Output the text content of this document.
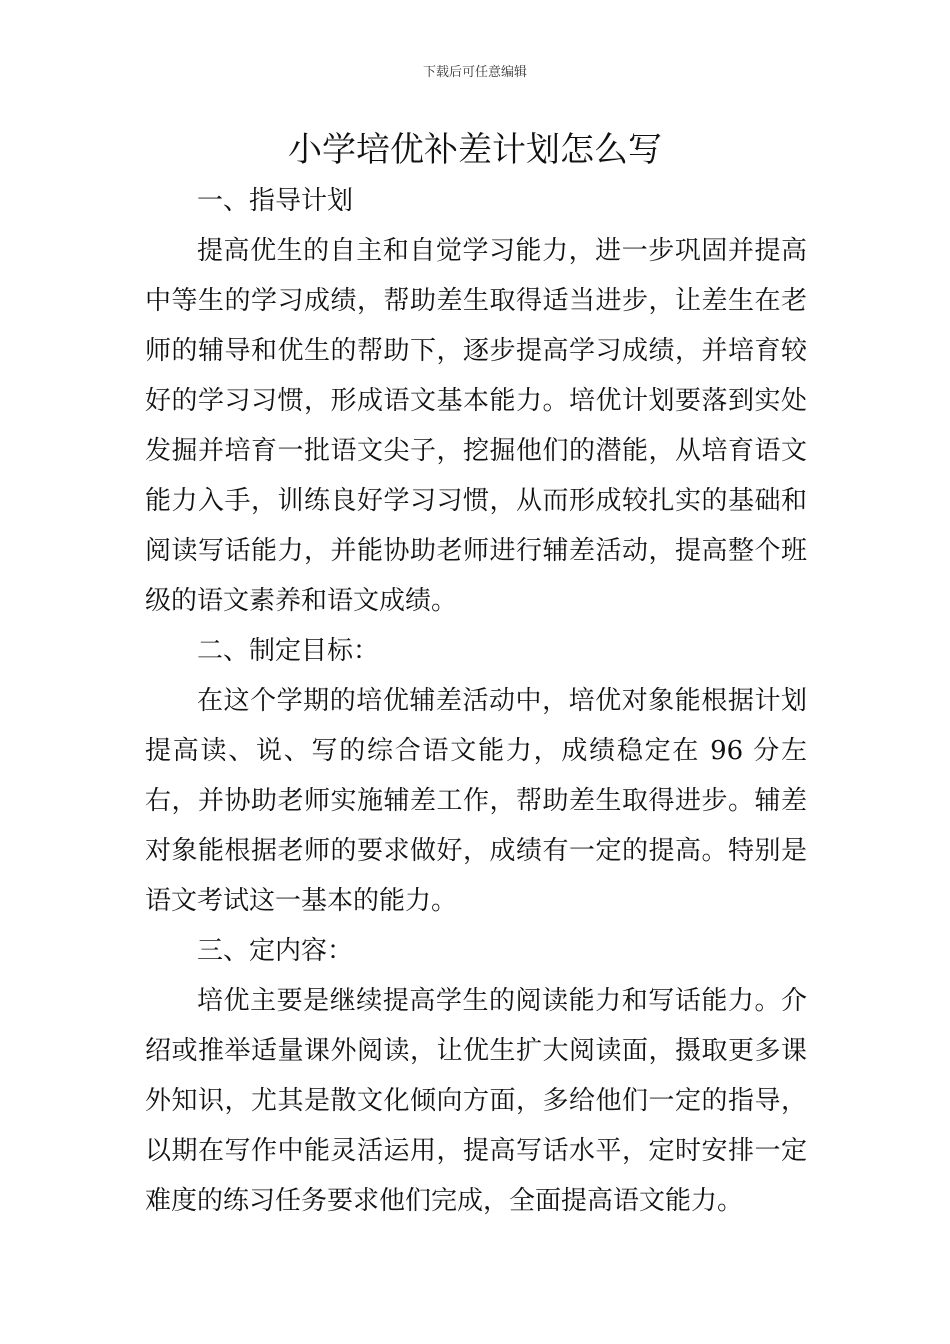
下载后可任意编辑
小学培优补差计划怎么写

一、指导计划

提高优生的自主和自觉学习能力，进一步巩固并提高中等生的学习成绩，帮助差生取得适当进步，让差生在老师的辅导和优生的帮助下，逐步提高学习成绩，并培育较好的学习习惯，形成语文基本能力。培优计划要落到实处发掘并培育一批语文尖子，挖掘他们的潜能，从培育语文能力入手，训练良好学习习惯，从而形成较扎实的基础和阅读写话能力，并能协助老师进行辅差活动，提高整个班级的语文素养和语文成绩。

二、制定目标：

在这个学期的培优辅差活动中，培优对象能根据计划提高读、说、写的综合语文能力，成绩稳定在 96 分左右，并协助老师实施辅差工作，帮助差生取得进步。辅差对象能根据老师的要求做好，成绩有一定的提高。特别是语文考试这一基本的能力。

三、定内容：

培优主要是继续提高学生的阅读能力和写话能力。介绍或推举适量课外阅读，让优生扩大阅读面，摄取更多课外知识，尤其是散文化倾向方面，多给他们一定的指导，以期在写作中能灵活运用，提高写话水平，定时安排一定难度的练习任务要求他们完成，全面提高语文能力。
